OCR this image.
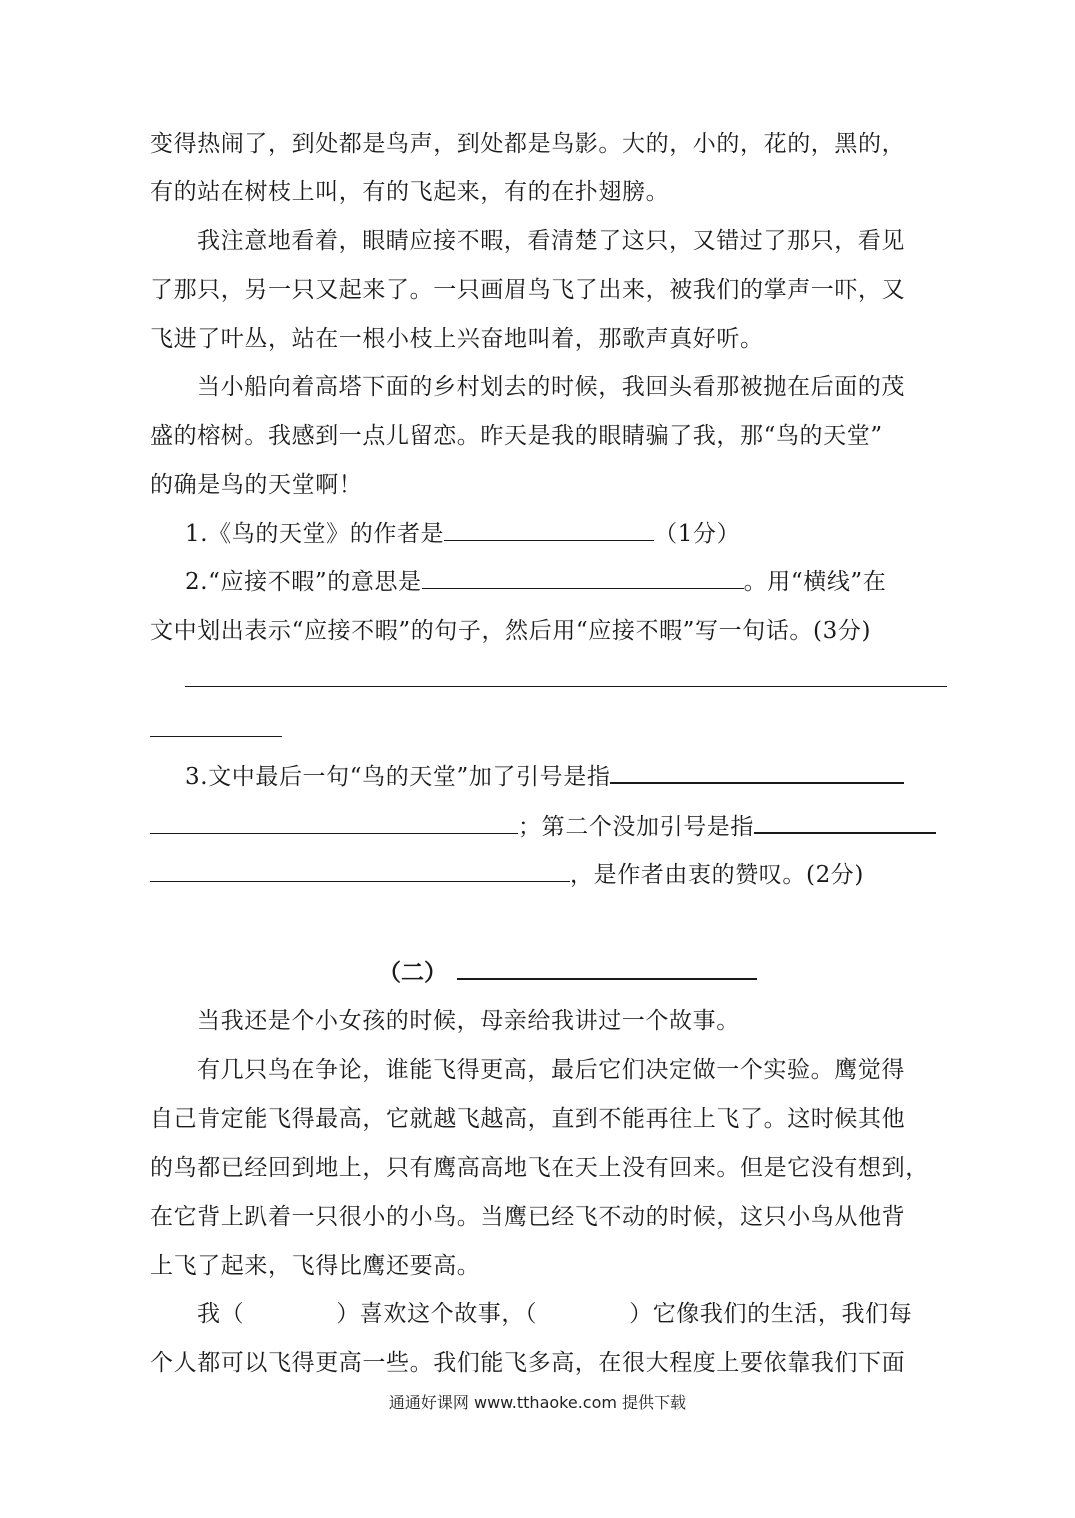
变得热闹了，到处都是鸟声，到处都是鸟影。大的，小的，花的，黑的，
有的站在树枝上叫，有的飞起来，有的在扑翅膀。
我注意地看着，眼睛应接不暇，看清楚了这只，又错过了那只，看见
了那只，另一只又起来了。一只画眉鸟飞了出来，被我们的掌声一吓，又
飞进了叶丛，站在一根小枝上兴奋地叫着，那歌声真好听。
当小船向着高塔下面的乡村划去的时候，我回头看那被抛在后面的茂
盛的榕树。我感到一点儿留恋。昨天是我的眼睛骗了我，那“鸟的天堂”
的确是鸟的天堂啊！
1.《鸟的天堂》的作者是	（1分）
2.“应接不暇”的意思是	。用“横线”在
文中划出表示“应接不暇”的句子，然后用“应接不暇”写一句话。(3分)
3.文中最后一句“鸟的天堂”加了引号是指
；第二个没加引号是指
，是作者由衷的赞叹。(2分)
（二）
当我还是个小女孩的时候，母亲给我讲过一个故事。
有几只鸟在争论，谁能飞得更高，最后它们决定做一个实验。鹰觉得
自己肯定能飞得最高，它就越飞越高，直到不能再往上飞了。这时候其他
的鸟都已经回到地上，只有鹰高高地飞在天上没有回来。但是它没有想到，
在它背上趴着一只很小的小鸟。当鹰已经飞不动的时候，这只小鸟从他背
上飞了起来，飞得比鹰还要高。
我（	）喜欢这个故事，（	）它像我们的生活，我们每
个人都可以飞得更高一些。我们能飞多高，在很大程度上要依靠我们下面
通通好课网 www.tthaoke.com 提供下载
